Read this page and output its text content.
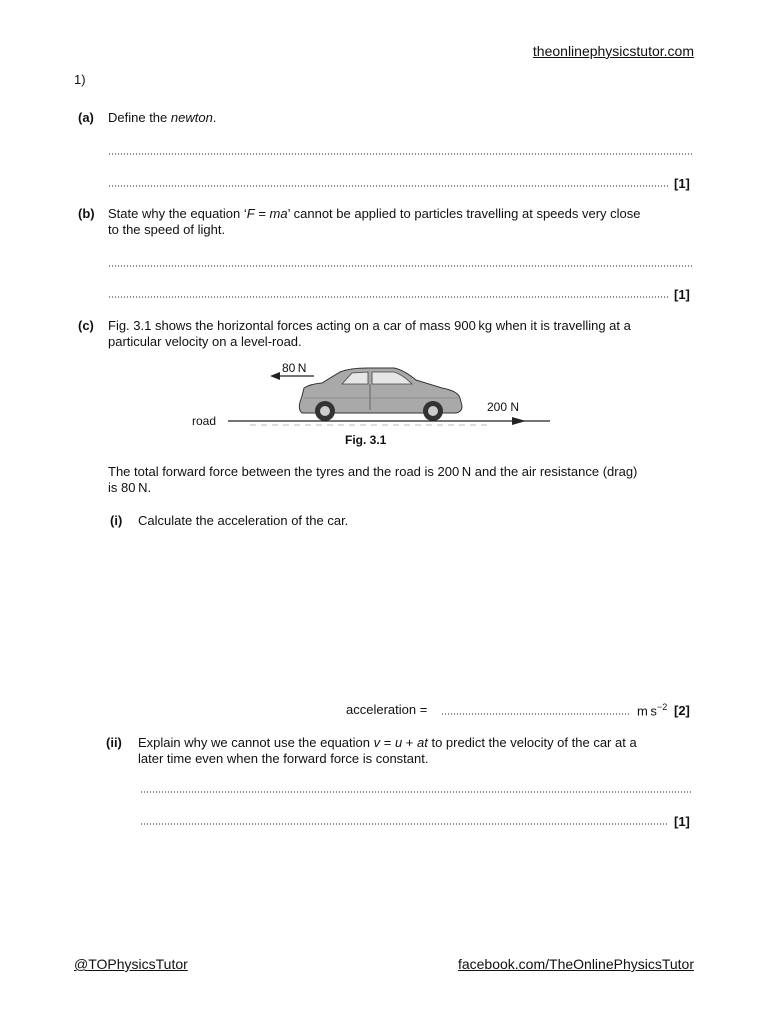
theonlinephysicstutor.com
1)
(a) Define the newton.
[1]
(b) State why the equation ‘F = ma’ cannot be applied to particles travelling at speeds very close
to the speed of light.
[1]
(c) Fig. 3.1 shows the horizontal forces acting on a car of mass 900 kg when it is travelling at a
particular velocity on a level-road.
80 N
road
200 N
Fig. 3.1
The total forward force between the tyres and the road is 200 N and the air resistance (drag)
is 80 N.
(i) Calculate the acceleration of the car.
acceleration =	m $s^{-2}$ [2]
(ii) Explain why we cannot use the equation v = u + at to predict the velocity of the car at a
later time even when the forward force is constant.
[1]
@TOPhysicsTutor	facebook.com/TheOnlinePhysicsTutor
